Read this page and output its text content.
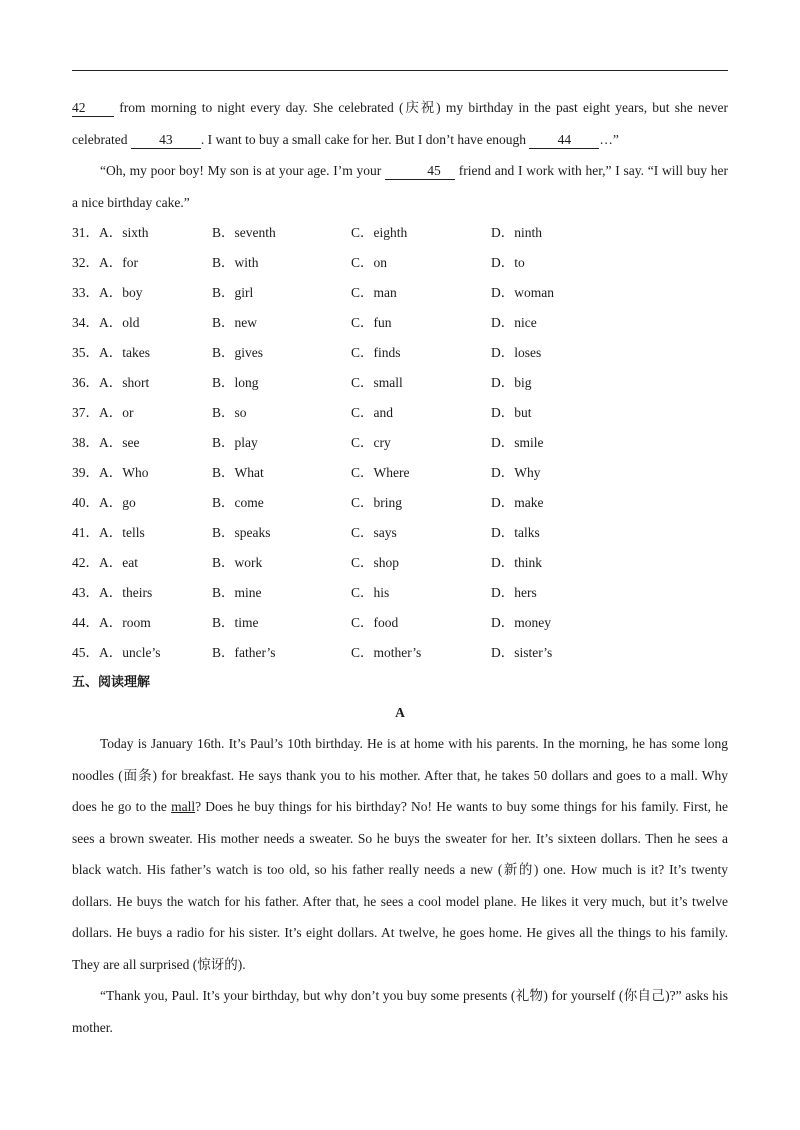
42 from morning to night every day. She celebrated (庆祝) my birthday in the past eight years, but she never celebrated 43 . I want to buy a small cake for her. But I don’t have enough 44 …”

“Oh, my poor boy! My son is at your age. I’m your	45 friend and I work with her,” I say. “I will buy her a nice birthday cake.”

31．A．sixth	B．seventh	C．eighth	D．ninth
32．A．for	B．with	C．on	D．to
33．A．boy	B．girl	C．man	D．woman
34．A．old	B．new	C．fun	D．nice
35．A．takes	B．gives	C．finds	D．loses
36．A．short	B．long	C．small	D．big
37．A．or	B．so	C．and	D．but
38．A．see	B．play	C．cry	D．smile
39．A．Who	B．What	C．Where	D．Why
40．A．go	B．come	C．bring	D．make
41．A．tells	B．speaks	C．says	D．talks
42．A．eat	B．work	C．shop	D．think
43．A．theirs	B．mine	C．his	D．hers
44．A．room	B．time	C．food	D．money
45．A．uncle’s	B．father’s	C．mother’s	D．sister’s
五、阅读理解
A

Today is January 16th. It’s Paul’s 10th birthday. He is at home with his parents. In the morning, he has some long noodles (面条) for breakfast. He says thank you to his mother. After that, he takes 50 dollars and goes to a mall. Why does he go to the mall? Does he buy things for his birthday? No! He wants to buy some things for his family. First, he sees a brown sweater. His mother needs a sweater. So he buys the sweater for her. It’s sixteen dollars. Then he sees a black watch. His father’s watch is too old, so his father really needs a new (新的) one. How much is it? It’s twenty dollars. He buys the watch for his father. After that, he sees a cool model plane. He likes it very much, but it’s twelve dollars. He buys a radio for his sister. It’s eight dollars. At twelve, he goes home. He gives all the things to his family. They are all surprised (惊讶的).

“Thank you, Paul. It’s your birthday, but why don’t you buy some presents (礼物) for yourself (你自己)?” asks his mother.
